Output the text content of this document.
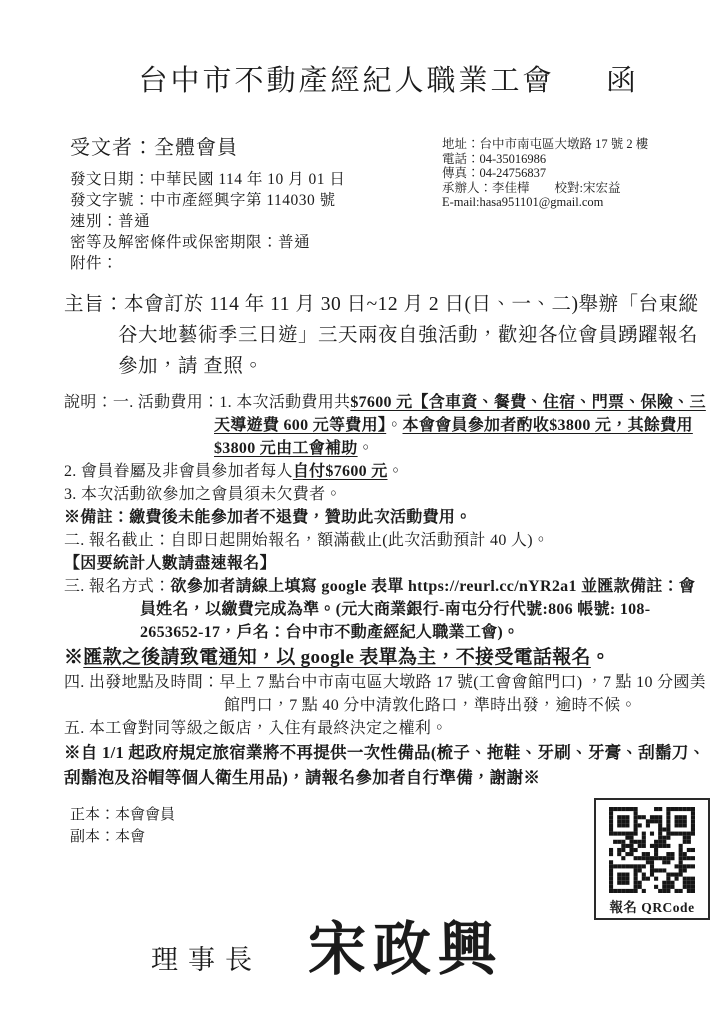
台中市不動產經紀人職業工會 函
受文者：全體會員
發文日期：中華民國 114 年 10 月 01 日
發文字號：中市產經興字第 114030 號
速別：普通
密等及解密條件或保密期限：普通
附件：
地址：台中市南屯區大墩路 17 號 2 樓
電話：04-35016986
傳真：04-24756837
承辦人：李佳樺　　校對:宋宏益
E-mail:hasa951101@gmail.com

主旨：本會訂於 114 年 11 月 30 日~12 月 2 日(日、一、二)舉辦「台東縱谷大地藝術季三日遊」三天兩夜自強活動，歡迎各位會員踴躍報名參加，請 查照。

說明：一. 活動費用：1. 本次活動費用共$7600 元【含車資、餐費、住宿、門票、保險、三天導遊費 600 元等費用】。本會會員參加者酌收$3800 元，其餘費用$3800 元由工會補助。

2. 會員眷屬及非會員參加者每人自付$7600 元。

3. 本次活動欲參加之會員須未欠費者。

※備註：繳費後未能參加者不退費，贊助此次活動費用。

二. 報名截止：自即日起開始報名，額滿截止(此次活動預計 40 人)。

【因要統計人數請盡速報名】

三. 報名方式：欲參加者請線上填寫 google 表單 https://reurl.cc/nYR2a1 並匯款備註：會員姓名，以繳費完成為準。(元大商業銀行-南屯分行代號:806 帳號: 108-2653652-17，戶名：台中市不動產經紀人職業工會)。

※匯款之後請致電通知，以 google 表單為主，不接受電話報名。

四. 出發地點及時間：早上 7 點台中市南屯區大墩路 17 號(工會會館門口) ，7 點 10 分國美館門口，7 點 40 分中清敦化路口，準時出發，逾時不候。

五. 本工會對同等級之飯店，入住有最終決定之權利。

※自 1/1 起政府規定旅宿業將不再提供一次性備品(梳子、拖鞋、牙刷、牙膏、刮鬍刀、刮鬍泡及浴帽等個人衛生用品)，請報名參加者自行準備，謝謝※

正本：本會會員
副本：本會
報名 QRCode
理事長 宋政興
